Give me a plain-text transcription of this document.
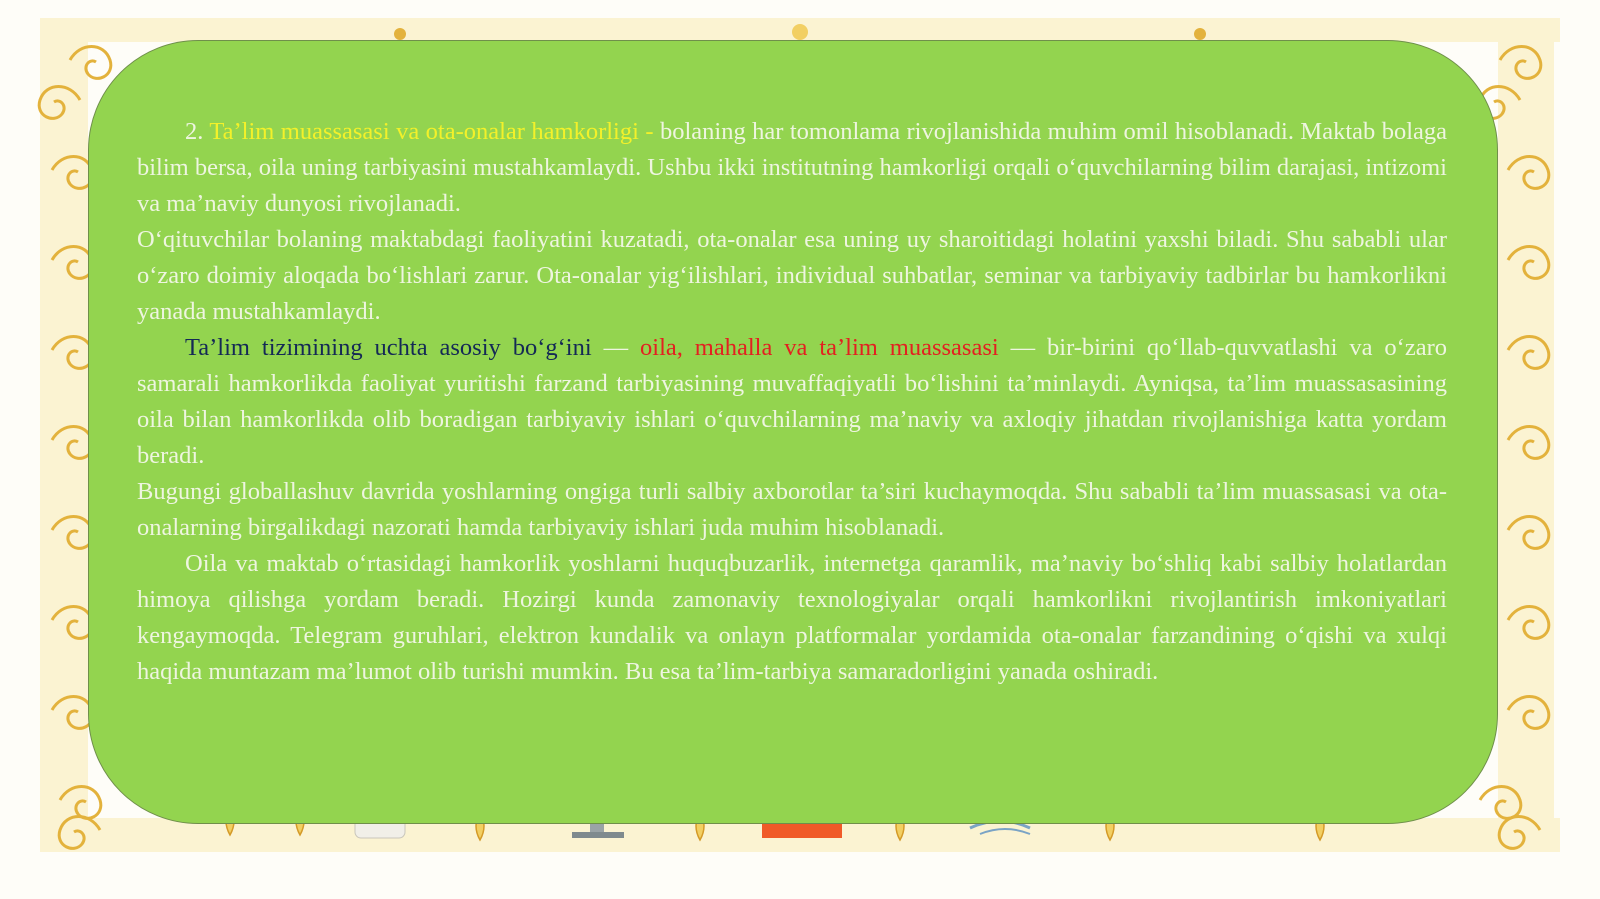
2. Ta’lim muassasasi va ota-onalar hamkorligi - bolaning har tomonlama rivojlanishida muhim omil hisoblanadi. Maktab bolaga bilim bersa, oila uning tarbiyasini mustahkamlaydi. Ushbu ikki institutning hamkorligi orqali o‘quvchilarning bilim darajasi, intizomi va ma’naviy dunyosi rivojlanadi.

O‘qituvchilar bolaning maktabdagi faoliyatini kuzatadi, ota-onalar esa uning uy sharoitidagi holatini yaxshi biladi. Shu sababli ular o‘zaro doimiy aloqada bo‘lishlari zarur. Ota-onalar yig‘ilishlari, individual suhbatlar, seminar va tarbiyaviy tadbirlar bu hamkorlikni yanada mustahkamlaydi.

Ta’lim tizimining uchta asosiy bo‘g‘ini — oila, mahalla va ta’lim muassasasi — bir-birini qo‘llab-quvvatlashi va o‘zaro samarali hamkorlikda faoliyat yuritishi farzand tarbiyasining muvaffaqiyatli bo‘lishini ta’minlaydi. Ayniqsa, ta’lim muassasasining oila bilan hamkorlikda olib boradigan tarbiyaviy ishlari o‘quvchilarning ma’naviy va axloqiy jihatdan rivojlanishiga katta yordam beradi.

Bugungi globallashuv davrida yoshlarning ongiga turli salbiy axborotlar ta’siri kuchaymoqda. Shu sababli ta’lim muassasasi va ota-onalarning birgalikdagi nazorati hamda tarbiyaviy ishlari juda muhim hisoblanadi.

Oila va maktab o‘rtasidagi hamkorlik yoshlarni huquqbuzarlik, internetga qaramlik, ma’naviy bo‘shliq kabi salbiy holatlardan himoya qilishga yordam beradi. Hozirgi kunda zamonaviy texnologiyalar orqali hamkorlikni rivojlantirish imkoniyatlari kengaymoqda. Telegram guruhlari, elektron kundalik va onlayn platformalar yordamida ota-onalar farzandining o‘qishi va xulqi haqida muntazam ma’lumot olib turishi mumkin. Bu esa ta’lim-tarbiya samaradorligini yanada oshiradi.
